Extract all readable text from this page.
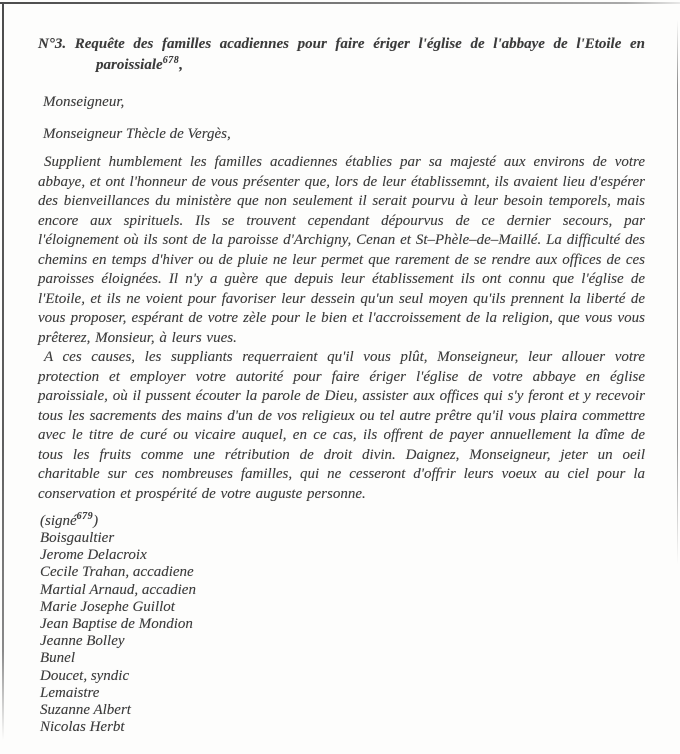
N°3. Requête des familles acadiennes pour faire ériger l'église de l'abbaye de l'Etoile en paroissiale$^{678}$,

Monseigneur,

Monseigneur Thècle de Vergès,

Supplient humblement les familles acadiennes établies par sa majesté aux environs de votre abbaye, et ont l'honneur de vous présenter que, lors de leur établissemnt, ils avaient lieu d'espérer des bienveillances du ministère que non seulement il serait pourvu à leur besoin temporels, mais encore aux spirituels. Ils se trouvent cependant dépourvus de ce dernier secours, par l'éloignement où ils sont de la paroisse d'Archigny, Cenan et St–Phèle–de–Maillé. La difficulté des chemins en temps d'hiver ou de pluie ne leur permet que rarement de se rendre aux offices de ces paroisses éloignées. Il n'y a guère que depuis leur établissement ils ont connu que l'église de l'Etoile, et ils ne voient pour favoriser leur dessein qu'un seul moyen qu'ils prennent la liberté de vous proposer, espérant de votre zèle pour le bien et l'accroissement de la religion, que vous vous prêterez, Monsieur, à leurs vues.

A ces causes, les suppliants requerraient qu'il vous plût, Monseigneur, leur allouer votre protection et employer votre autorité pour faire ériger l'église de votre abbaye en église paroissiale, où il pussent écouter la parole de Dieu, assister aux offices qui s'y feront et y recevoir tous les sacrements des mains d'un de vos religieux ou tel autre prêtre qu'il vous plaira commettre avec le titre de curé ou vicaire auquel, en ce cas, ils offrent de payer annuellement la dîme de tous les fruits comme une rétribution de droit divin. Daignez, Monseigneur, jeter un oeil charitable sur ces nombreuses familles, qui ne cesseront d'offrir leurs voeux au ciel pour la conservation et prospérité de votre auguste personne.

(signé$^{679}$)

Boisgaultier
Jerome Delacroix
Cecile Trahan, accadiene
Martial Arnaud, accadien
Marie Josephe Guillot
Jean Baptise de Mondion
Jeanne Bolley
Bunel
Doucet, syndic
Lemaistre
Suzanne Albert
Nicolas Herbt
